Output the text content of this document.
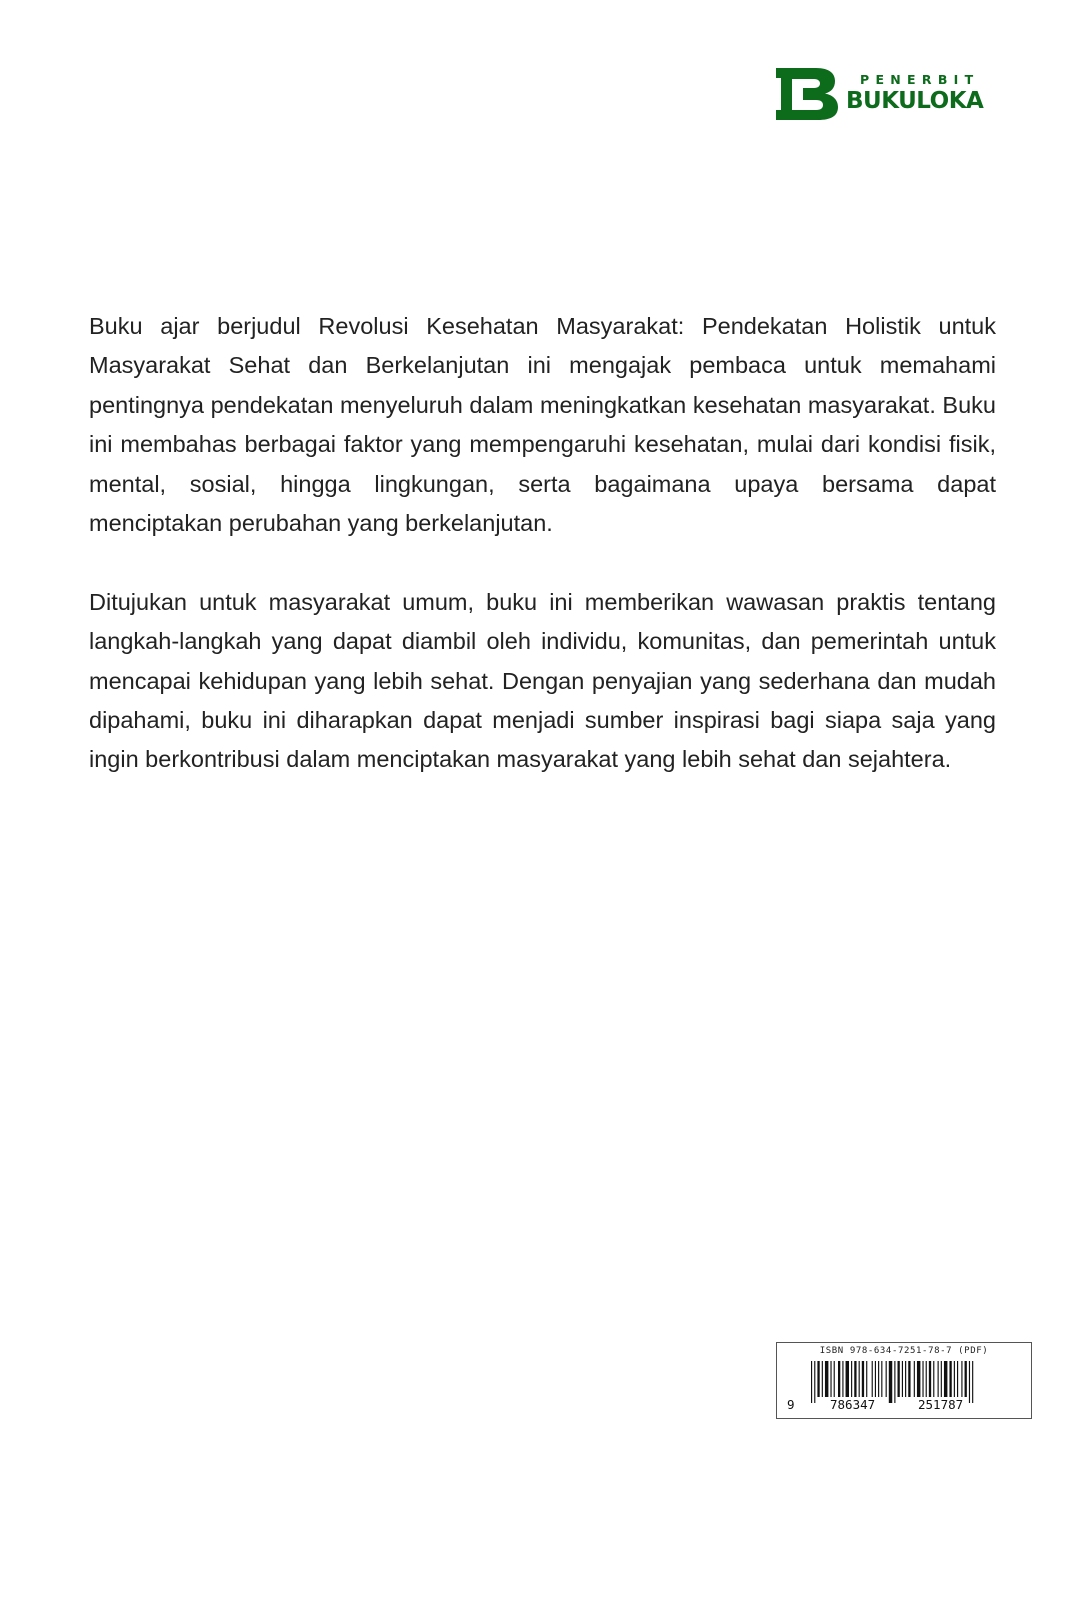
PENERBIT
BUKULOKA

Buku ajar berjudul Revolusi Kesehatan Masyarakat: Pendekatan Holistik untuk Masyarakat Sehat dan Berkelanjutan ini mengajak pembaca untuk memahami pentingnya pendekatan menyeluruh dalam meningkatkan kesehatan masyarakat. Buku ini membahas berbagai faktor yang mempengaruhi kesehatan, mulai dari kondisi fisik, mental, sosial, hingga lingkungan, serta bagaimana upaya bersama dapat menciptakan perubahan yang berkelanjutan.

Ditujukan untuk masyarakat umum, buku ini memberikan wawasan praktis tentang langkah-langkah yang dapat diambil oleh individu, komunitas, dan pemerintah untuk mencapai kehidupan yang lebih sehat. Dengan penyajian yang sederhana dan mudah dipahami, buku ini diharapkan dapat menjadi sumber inspirasi bagi siapa saja yang ingin berkontribusi dalam menciptakan masyarakat yang lebih sehat dan sejahtera.

ISBN 978-634-7251-78-7 (PDF)
9	786347	251787
